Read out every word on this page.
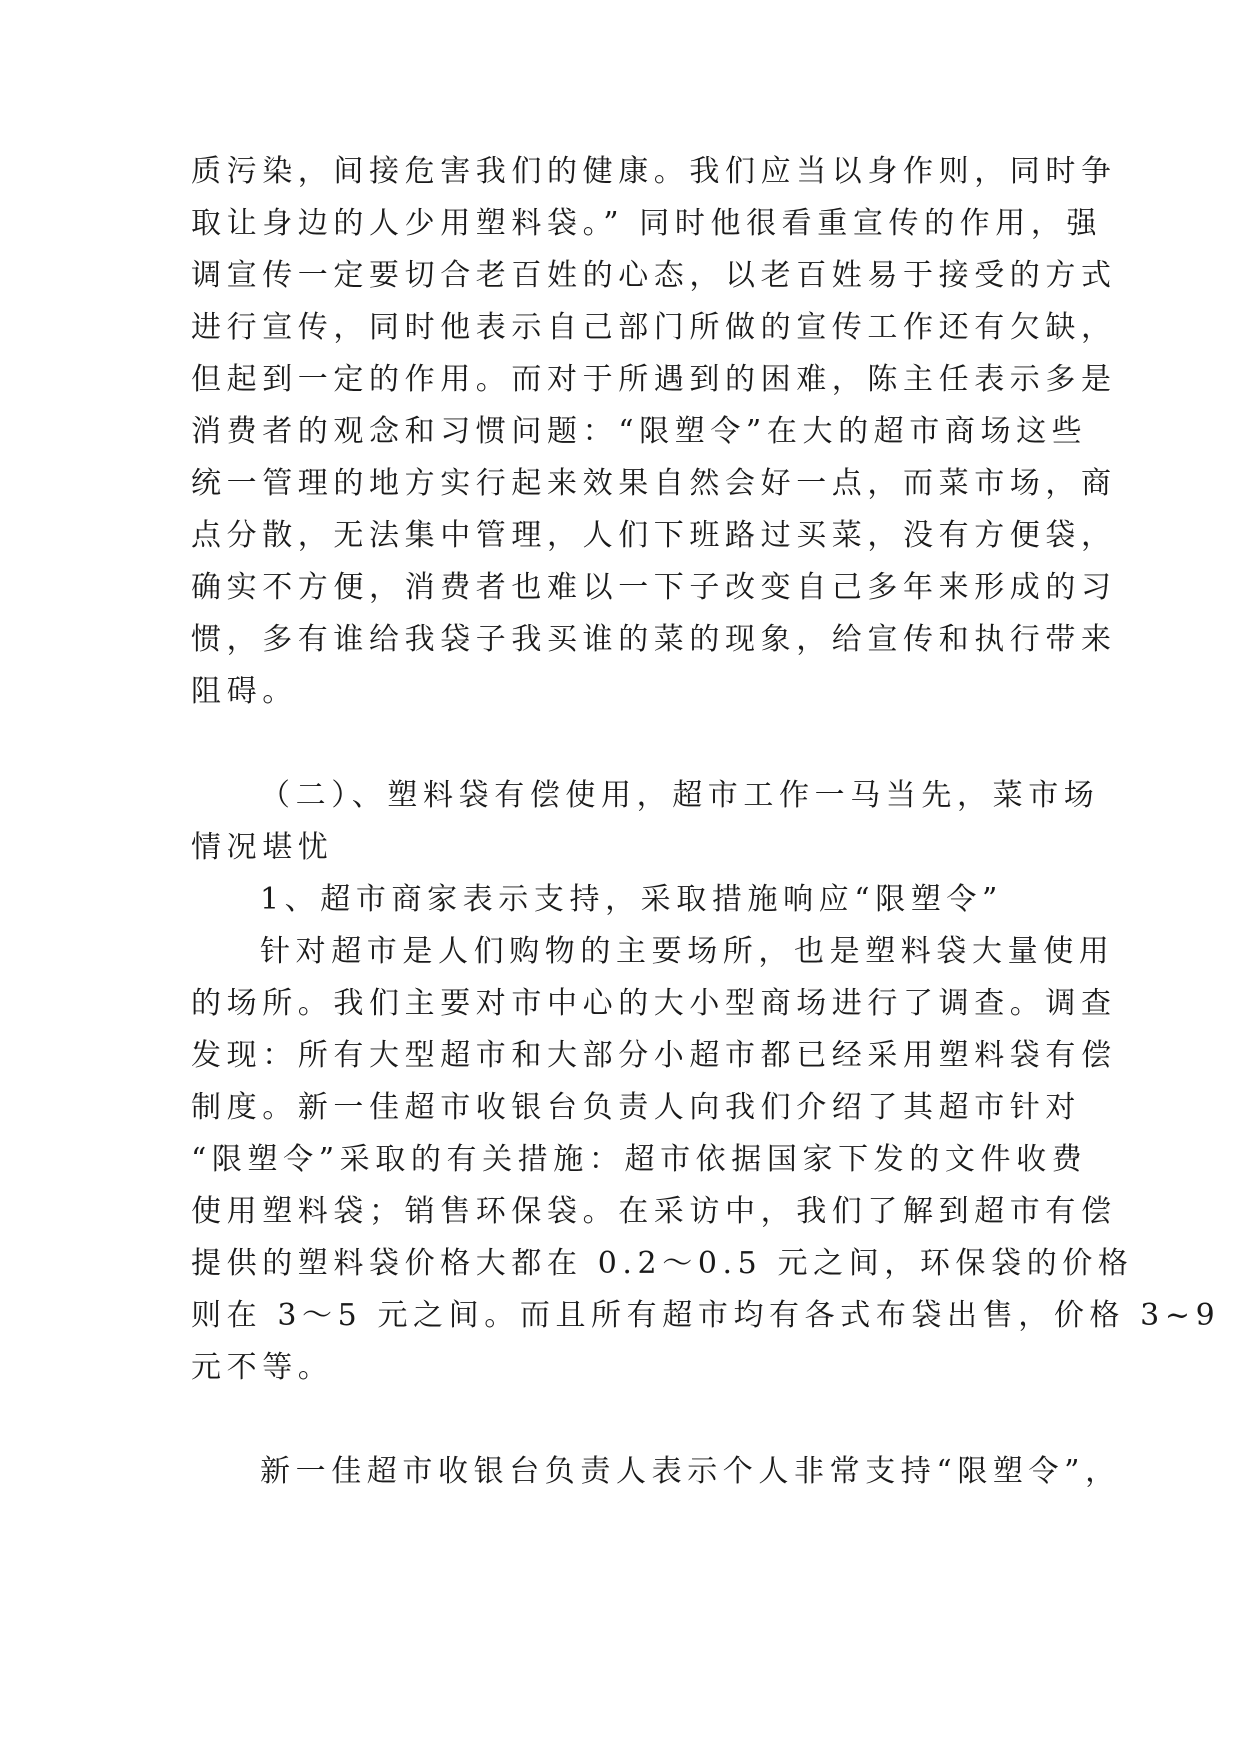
质污染，间接危害我们的健康。我们应当以身作则，同时争
取让身边的人少用塑料袋。” 同时他很看重宣传的作用，强
调宣传一定要切合老百姓的心态，以老百姓易于接受的方式
进行宣传，同时他表示自己部门所做的宣传工作还有欠缺，
但起到一定的作用。而对于所遇到的困难，陈主任表示多是
消费者的观念和习惯问题：“限塑令”在大的超市商场这些
统一管理的地方实行起来效果自然会好一点，而菜市场，商
点分散，无法集中管理，人们下班路过买菜，没有方便袋，
确实不方便，消费者也难以一下子改变自己多年来形成的习
惯，多有谁给我袋子我买谁的菜的现象，给宣传和执行带来
阻碍。
（二）、塑料袋有偿使用，超市工作一马当先，菜市场
情况堪忧
1、超市商家表示支持，采取措施响应“限塑令”
针对超市是人们购物的主要场所，也是塑料袋大量使用
的场所。我们主要对市中心的大小型商场进行了调查。调查
发现：所有大型超市和大部分小超市都已经采用塑料袋有偿
制度。新一佳超市收银台负责人向我们介绍了其超市针对
“限塑令”采取的有关措施：超市依据国家下发的文件收费
使用塑料袋；销售环保袋。在采访中，我们了解到超市有偿
提供的塑料袋价格大都在 0.2～0.5 元之间，环保袋的价格
则在 3～5 元之间。而且所有超市均有各式布袋出售，价格 3~9
元不等。
新一佳超市收银台负责人表示个人非常支持“限塑令”，
